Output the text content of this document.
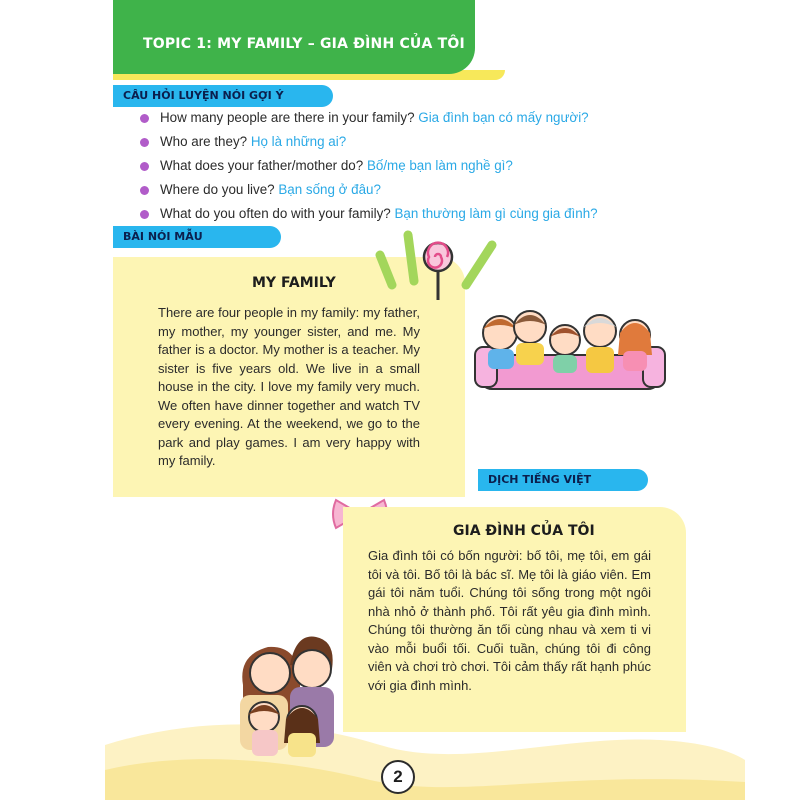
TOPIC 1: MY FAMILY – GIA ĐÌNH CỦA TÔI
CÂU HỎI LUYỆN NÓI GỢI Ý
How many people are there in your family? Gia đình bạn có mấy người?
Who are they? Họ là những ai?
What does your father/mother do? Bố/mẹ bạn làm nghề gì?
Where do you live? Bạn sống ở đâu?
What do you often do with your family? Bạn thường làm gì cùng gia đình?
BÀI NÓI MẪU
MY FAMILY
There are four people in my family: my father, my mother, my younger sister, and me. My father is a doctor. My mother is a teacher. My sister is five years old. We live in a small house in the city. I love my family very much. We often have dinner together and watch TV every evening. At the weekend, we go to the park and play games. I am very happy with my family.
DỊCH TIẾNG VIỆT
GIA ĐÌNH CỦA TÔI
Gia đình tôi có bốn người: bố tôi, mẹ tôi, em gái tôi và tôi. Bố tôi là bác sĩ. Mẹ tôi là giáo viên. Em gái tôi năm tuổi. Chúng tôi sống trong một ngôi nhà nhỏ ở thành phố. Tôi rất yêu gia đình mình. Chúng tôi thường ăn tối cùng nhau và xem ti vi vào mỗi buổi tối. Cuối tuần, chúng tôi đi công viên và chơi trò chơi. Tôi cảm thấy rất hạnh phúc với gia đình mình.
2
